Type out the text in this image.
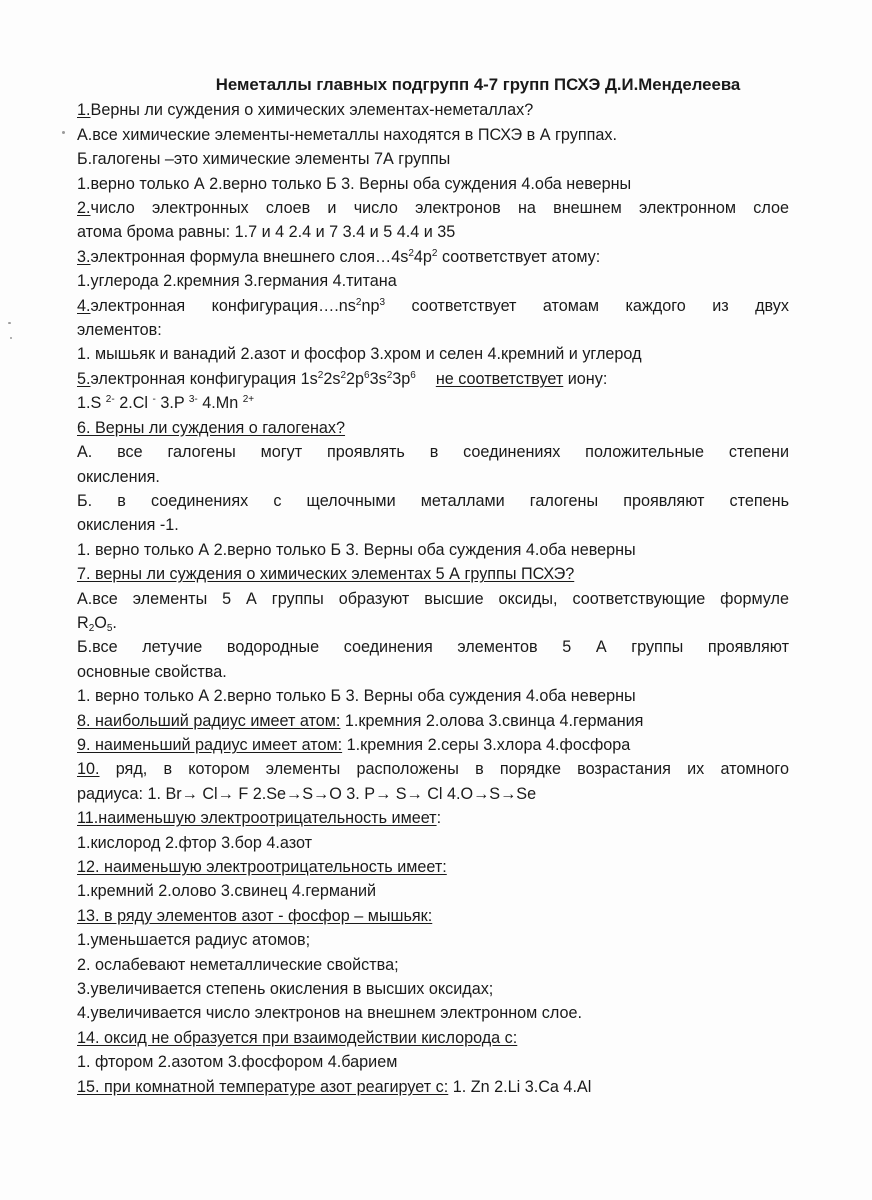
Неметаллы главных подгрупп 4-7 групп ПСХЭ Д.И.Менделеева
1.Верны ли суждения о химических элементах-неметаллах?
А.все химические элементы-неметаллы находятся в ПСХЭ в А группах.
Б.галогены –это химические элементы 7А группы
1.верно только А 2.верно только Б 3. Верны оба суждения 4.оба неверны
2.число электронных слоев и число электронов на внешнем электронном слое
атома брома равны: 1.7 и 4 2.4 и 7 3.4 и 5 4.4 и 35
3.электронная формула внешнего $слоя\dots 4s^24p^2$ соответствует атому:
1.углерода 2.кремния 3.германия 4.титана
4.электронная $конфигурация\dots.ns^2np^3$ соответствует атомам каждого из двух
элементов:
1. мышьяк и ванадий 2.азот и фосфор 3.хром и селен 4.кремний и углерод
5.электронная конфигурация $1s^22s^22p^63s^23p^6$ не соответствует иону:
1.S $^{2-}$ 2.Cl - 3.P $^{3-}$ 4.Mn $^{2+}$
6. Верны ли суждения о галогенах?
А. все галогены могут проявлять в соединениях положительные степени
окисления.
Б. в соединениях с щелочными металлами галогены проявляют степень
окисления -1.
1. верно только А 2.верно только Б 3. Верны оба суждения 4.оба неверны
7. верны ли суждения о химических элементах 5 А группы ПСХЭ?
А.все элементы 5 А группы образуют высшие оксиды, соответствующие формуле
$R_2O_5$.
Б.все летучие водородные соединения элементов 5 А группы проявляют
основные свойства.
1. верно только А 2.верно только Б 3. Верны оба суждения 4.оба неверны
8. наибольший радиус имеет атом: 1.кремния 2.олова 3.свинца 4.германия
9. наименьший радиус имеет атом: 1.кремния 2.серы 3.хлора 4.фосфора
10. ряд, в котором элементы расположены в порядке возрастания их атомного
радиуса: 1. Br→ Cl→ F 2.Se→S→O 3. P→ S→ Cl 4.O→S→Se
11.наименьшую электроотрицательность имеет:
1.кислород 2.фтор 3.бор 4.азот
12. наименьшую электроотрицательность имеет:
1.кремний 2.олово 3.свинец 4.германий
13. в ряду элементов азот - фосфор – мышьяк:
1.уменьшается радиус атомов;
2. ослабевают неметаллические свойства;
3.увеличивается степень окисления в высших оксидах;
4.увеличивается число электронов на внешнем электронном слое.
14. оксид не образуется при взаимодействии кислорода с:
1. фтором 2.азотом 3.фосфором 4.барием
15. при комнатной температуре азот реагирует с: 1. Zn 2.Li 3.Ca 4.Al
